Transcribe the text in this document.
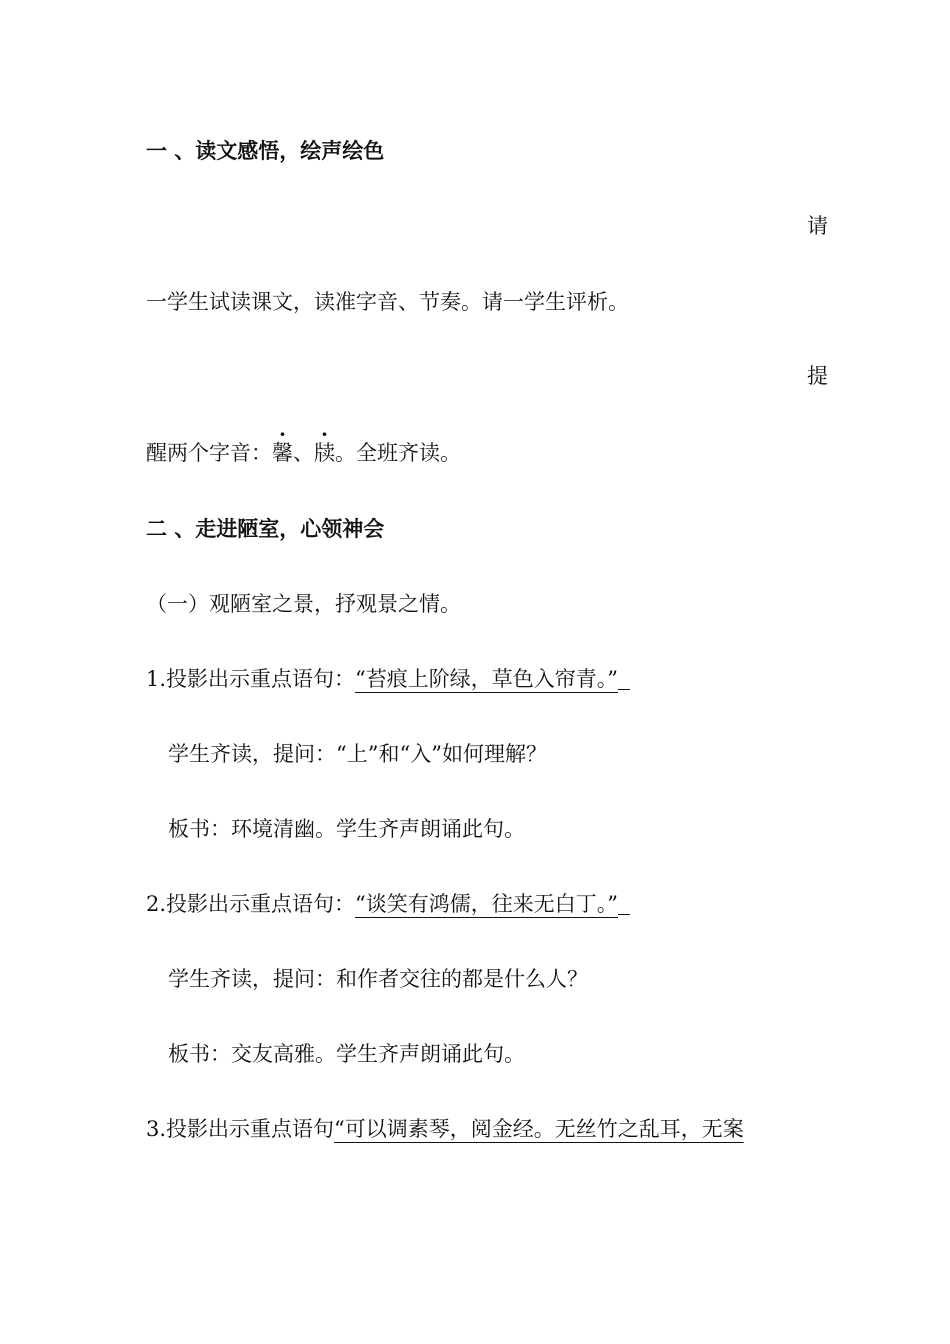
一 、读文感悟，绘声绘色
请
一学生试读课文，读准字音、节奏。请一学生评析。
提
醒两个字音：馨、牍。全班齐读。
二 、走进陋室，心领神会
（一）观陋室之景，抒观景之情。
1.投影出示重点语句：“苔痕上阶绿，草色入帘青。”
学生齐读，提问：“上”和“入”如何理解？
板书：环境清幽。学生齐声朗诵此句。
2.投影出示重点语句：“谈笑有鸿儒，往来无白丁。”
学生齐读，提问：和作者交往的都是什么人？
板书：交友高雅。学生齐声朗诵此句。
3.投影出示重点语句“可以调素琴，阅金经。无丝竹之乱耳，无案
